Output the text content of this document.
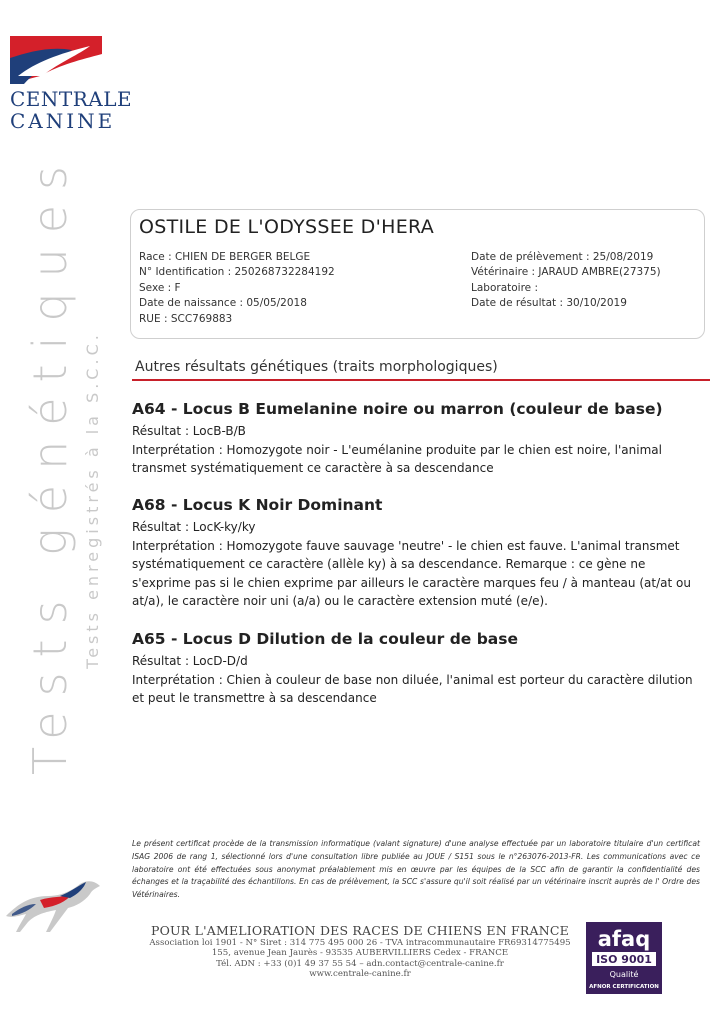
CENTRALE
CANINE
Tests génétiques Tests enregistrés à la S.C.C.
OSTILE DE L'ODYSSEE D'HERA
Race : CHIEN DE BERGER BELGE
N° Identification : 250268732284192
Sexe : F
Date de naissance : 05/05/2018
RUE : SCC769883
Date de prélèvement : 25/08/2019
Vétérinaire : JARAUD AMBRE(27375)
Laboratoire :
Date de résultat : 30/10/2019
Autres résultats génétiques (traits morphologiques)
A64 - Locus B Eumelanine noire ou marron (couleur de base)
Résultat : LocB-B/B
Interprétation : Homozygote noir - L'eumélanine produite par le chien est noire, l'animal transmet systématiquement ce caractère à sa descendance
A68 - Locus K Noir Dominant
Résultat : LocK-ky/ky
Interprétation : Homozygote fauve sauvage 'neutre' - le chien est fauve. L'animal transmet systématiquement ce caractère (allèle ky) à sa descendance. Remarque : ce gène ne s'exprime pas si le chien exprime par ailleurs le caractère marques feu / à manteau (at/at ou at/a), le caractère noir uni (a/a) ou le caractère extension muté (e/e).
A65 - Locus D Dilution de la couleur de base
Résultat : LocD-D/d
Interprétation : Chien à couleur de base non diluée, l'animal est porteur du caractère dilution et peut le transmettre à sa descendance
Le présent certificat procède de la transmission informatique (valant signature) d'une analyse effectuée par un laboratoire titulaire d'un certificat ISAG 2006 de rang 1, sélectionné lors d'une consultation libre publiée au JOUE / S151 sous le n°263076-2013-FR. Les communications avec ce laboratoire ont été effectuées sous anonymat préalablement mis en œuvre par les équipes de la SCC afin de garantir la confidentialité des échanges et la traçabilité des échantillons. En cas de prélèvement, la SCC s'assure qu'il soit réalisé par un vétérinaire inscrit auprès de l' Ordre des Vétérinaires.
POUR L'AMELIORATION DES RACES DE CHIENS EN FRANCE
Association loi 1901 - N° Siret : 314 775 495 000 26 - TVA intracommunautaire FR69314775495
155, avenue Jean Jaurès - 93535 AUBERVILLIERS Cedex - FRANCE
Tél. ADN : +33 (0)1 49 37 55 54 – adn.contact@centrale-canine.fr
www.centrale-canine.fr
afaq
ISO 9001
Qualité
AFNOR CERTIFICATION
